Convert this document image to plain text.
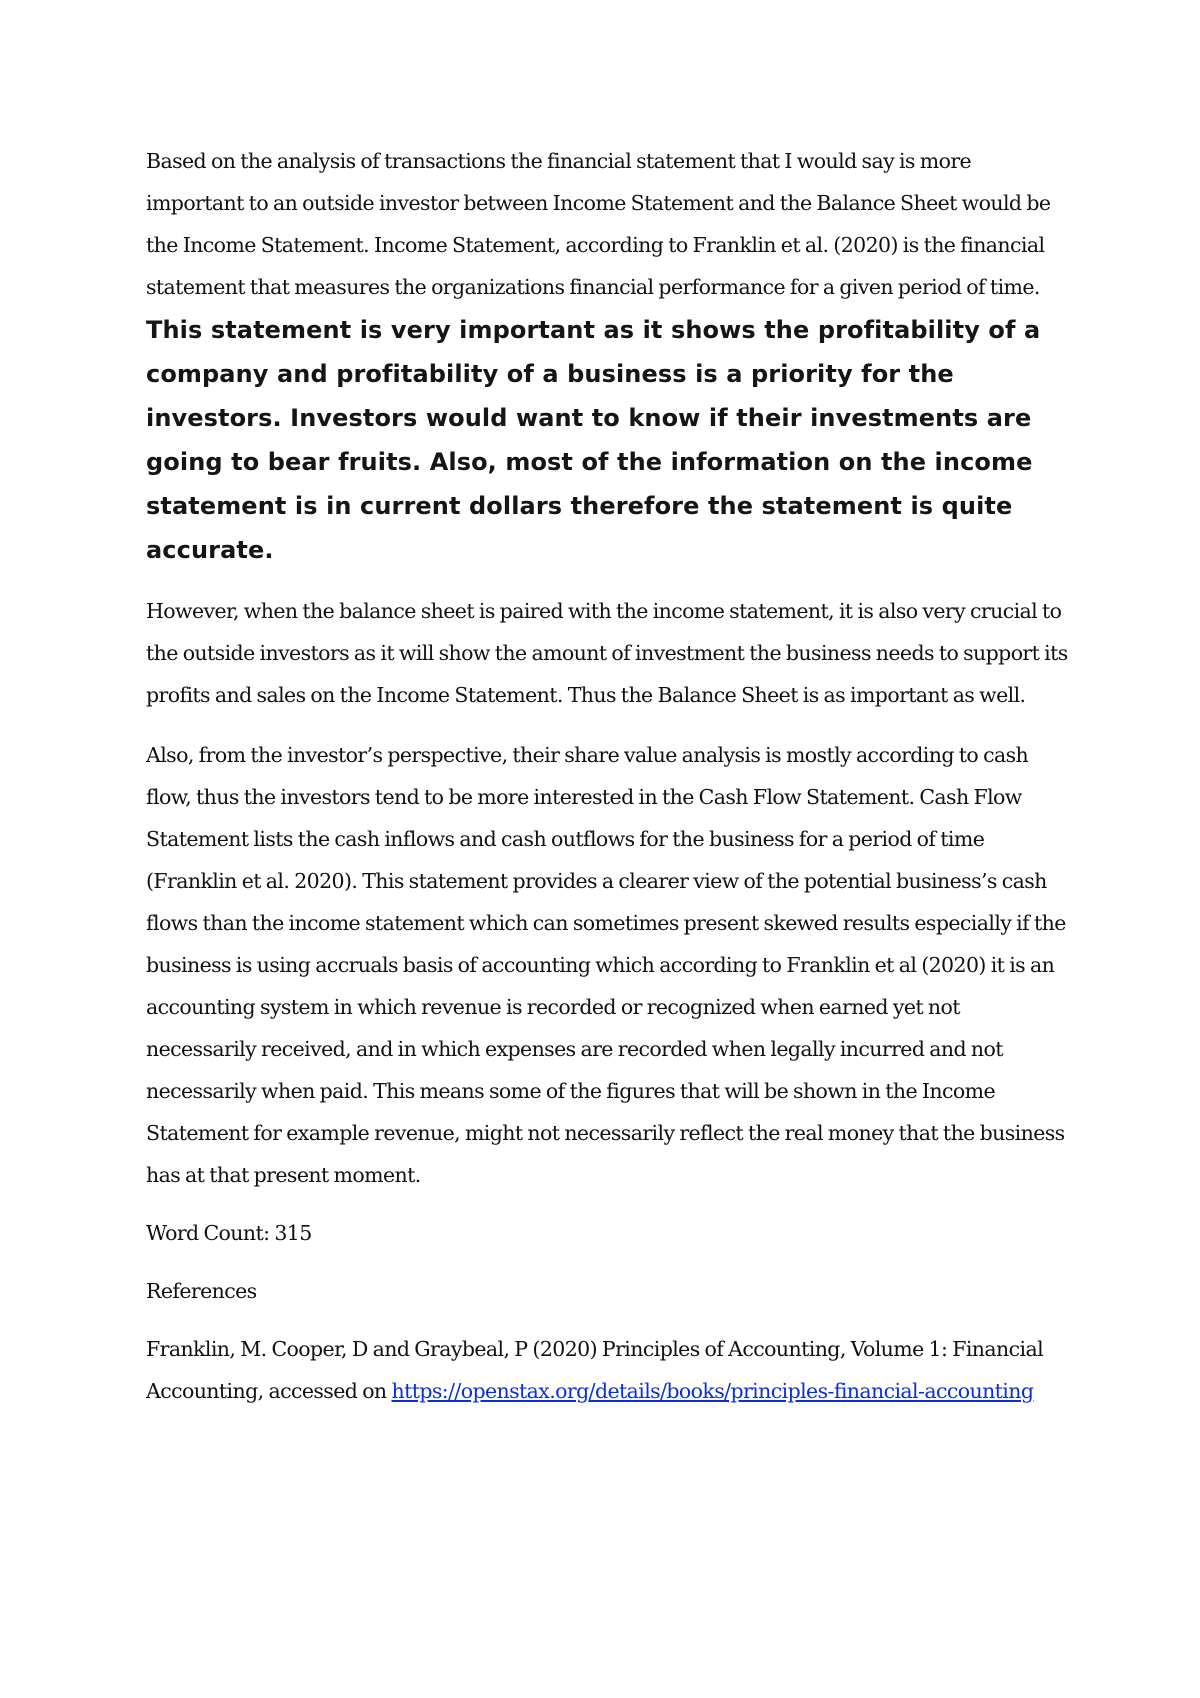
Based on the analysis of transactions the financial statement that I would say is more important to an outside investor between Income Statement and the Balance Sheet would be the Income Statement. Income Statement, according to Franklin et al. (2020) is the financial statement that measures the organizations financial performance for a given period of time.

This statement is very important as it shows the profitability of a company and profitability of a business is a priority for the investors. Investors would want to know if their investments are going to bear fruits. Also, most of the information on the income statement is in current dollars therefore the statement is quite accurate.

However, when the balance sheet is paired with the income statement, it is also very crucial to the outside investors as it will show the amount of investment the business needs to support its profits and sales on the Income Statement. Thus the Balance Sheet is as important as well.

Also, from the investor’s perspective, their share value analysis is mostly according to cash flow, thus the investors tend to be more interested in the Cash Flow Statement. Cash Flow Statement lists the cash inflows and cash outflows for the business for a period of time (Franklin et al. 2020). This statement provides a clearer view of the potential business’s cash flows than the income statement which can sometimes present skewed results especially if the business is using accruals basis of accounting which according to Franklin et al (2020) it is an accounting system in which revenue is recorded or recognized when earned yet not necessarily received, and in which expenses are recorded when legally incurred and not necessarily when paid. This means some of the figures that will be shown in the Income Statement for example revenue, might not necessarily reflect the real money that the business has at that present moment.

Word Count: 315

References

Franklin, M. Cooper, D and Graybeal, P (2020) Principles of Accounting, Volume 1: Financial Accounting, accessed on https://openstax.org/details/books/principles-financial-accounting
